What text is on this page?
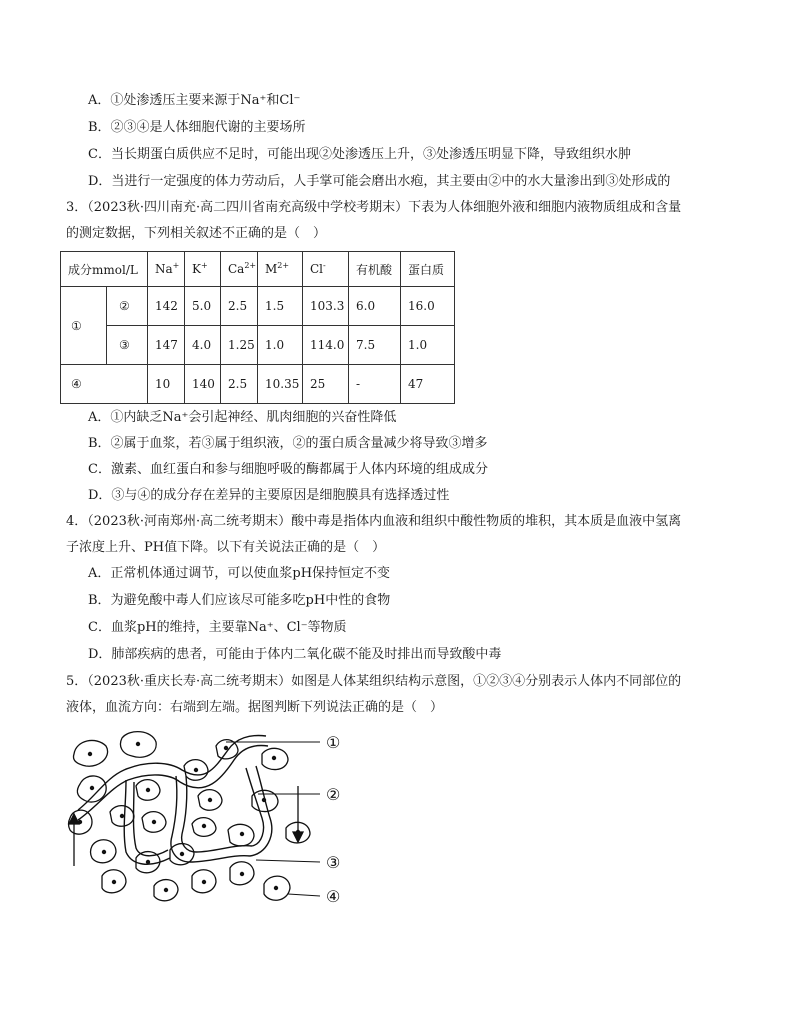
A．①处渗透压主要来源于Na⁺和Cl⁻
B．②③④是人体细胞代谢的主要场所
C．当长期蛋白质供应不足时，可能出现②处渗透压上升，③处渗透压明显下降，导致组织水肿
D．当进行一定强度的体力劳动后，人手掌可能会磨出水疱，其主要由②中的水大量渗出到③处形成的
3．（2023秋·四川南充·高二四川省南充高级中学校考期末）下表为人体细胞外液和细胞内液物质组成和含量
的测定数据，下列相关叙述不正确的是（　）
成分mmol/L		Na+	K+	$Ca^{2+}$	$M^{2+}$	Cl-	有机酸	蛋白质
①	②	142	5.0	2.5	1.5	103.3	6.0	16.0
	③	147	4.0	1.25	1.0	114.0	7.5	1.0
④		10	140	2.5	10.35	25	-	47
A．①内缺乏Na⁺会引起神经、肌肉细胞的兴奋性降低
B．②属于血浆，若③属于组织液，②的蛋白质含量减少将导致③增多
C．激素、血红蛋白和参与细胞呼吸的酶都属于人体内环境的组成成分
D．③与④的成分存在差异的主要原因是细胞膜具有选择透过性
4．（2023秋·河南郑州·高二统考期末）酸中毒是指体内血液和组织中酸性物质的堆积，其本质是血液中氢离
子浓度上升、PH值下降。以下有关说法正确的是（　）
A．正常机体通过调节，可以使血浆pH保持恒定不变
B．为避免酸中毒人们应该尽可能多吃pH中性的食物
C．血浆pH的维持，主要靠Na⁺、Cl⁻等物质
D．肺部疾病的患者，可能由于体内二氧化碳不能及时排出而导致酸中毒
5．（2023秋·重庆长寿·高二统考期末）如图是人体某组织结构示意图，①②③④分别表示人体内不同部位的
液体，血流方向：右端到左端。据图判断下列说法正确的是（　）
①
②
③
④
